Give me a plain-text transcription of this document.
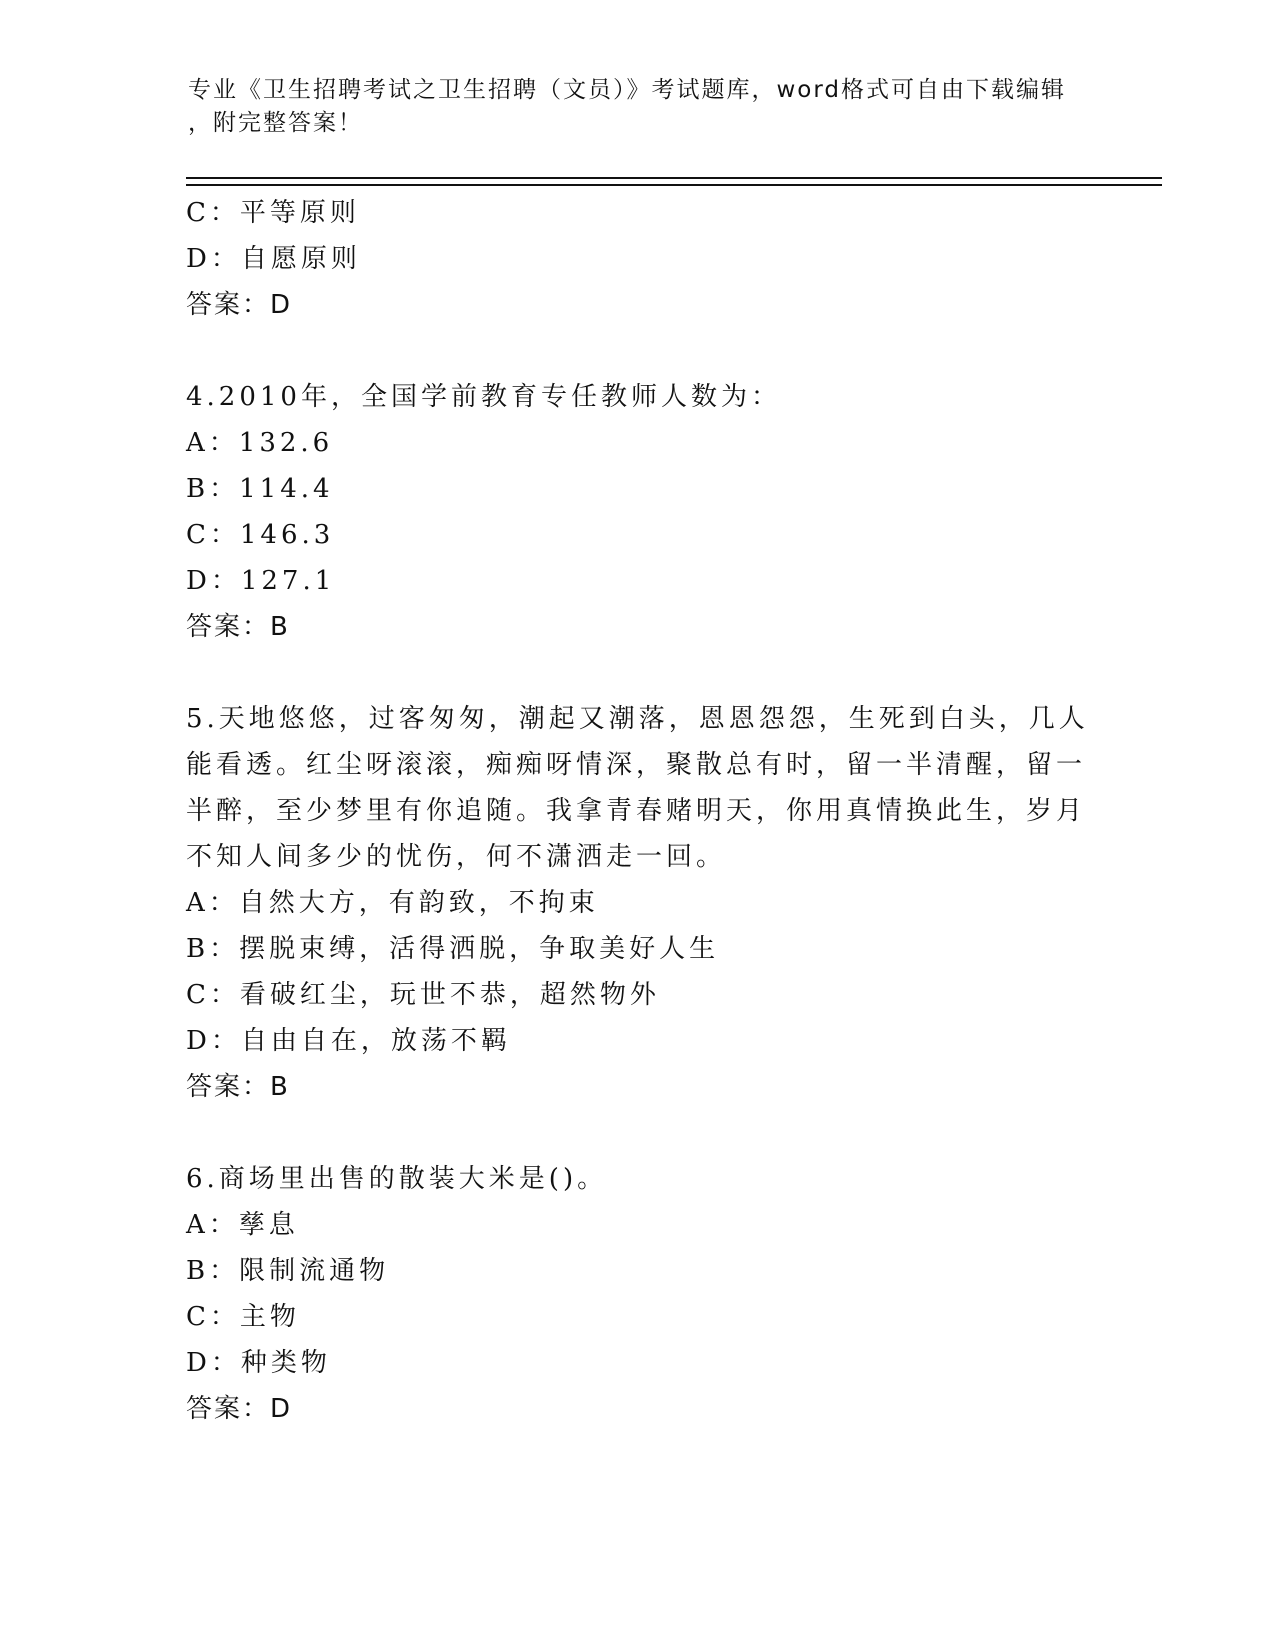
专业《卫生招聘考试之卫生招聘（文员）》考试题库，word格式可自由下载编辑
，附完整答案！
C：平等原则
D：自愿原则
答案：D
4.2010年，全国学前教育专任教师人数为：
A：132.6
B：114.4
C：146.3
D：127.1
答案：B
5.天地悠悠，过客匆匆，潮起又潮落，恩恩怨怨，生死到白头，几人
能看透。红尘呀滚滚，痴痴呀情深，聚散总有时，留一半清醒，留一
半醉，至少梦里有你追随。我拿青春赌明天，你用真情换此生，岁月
不知人间多少的忧伤，何不潇洒走一回。
A：自然大方，有韵致，不拘束
B：摆脱束缚，活得洒脱，争取美好人生
C：看破红尘，玩世不恭，超然物外
D：自由自在，放荡不羁
答案：B
6.商场里出售的散装大米是()。
A：孳息
B：限制流通物
C：主物
D：种类物
答案：D
